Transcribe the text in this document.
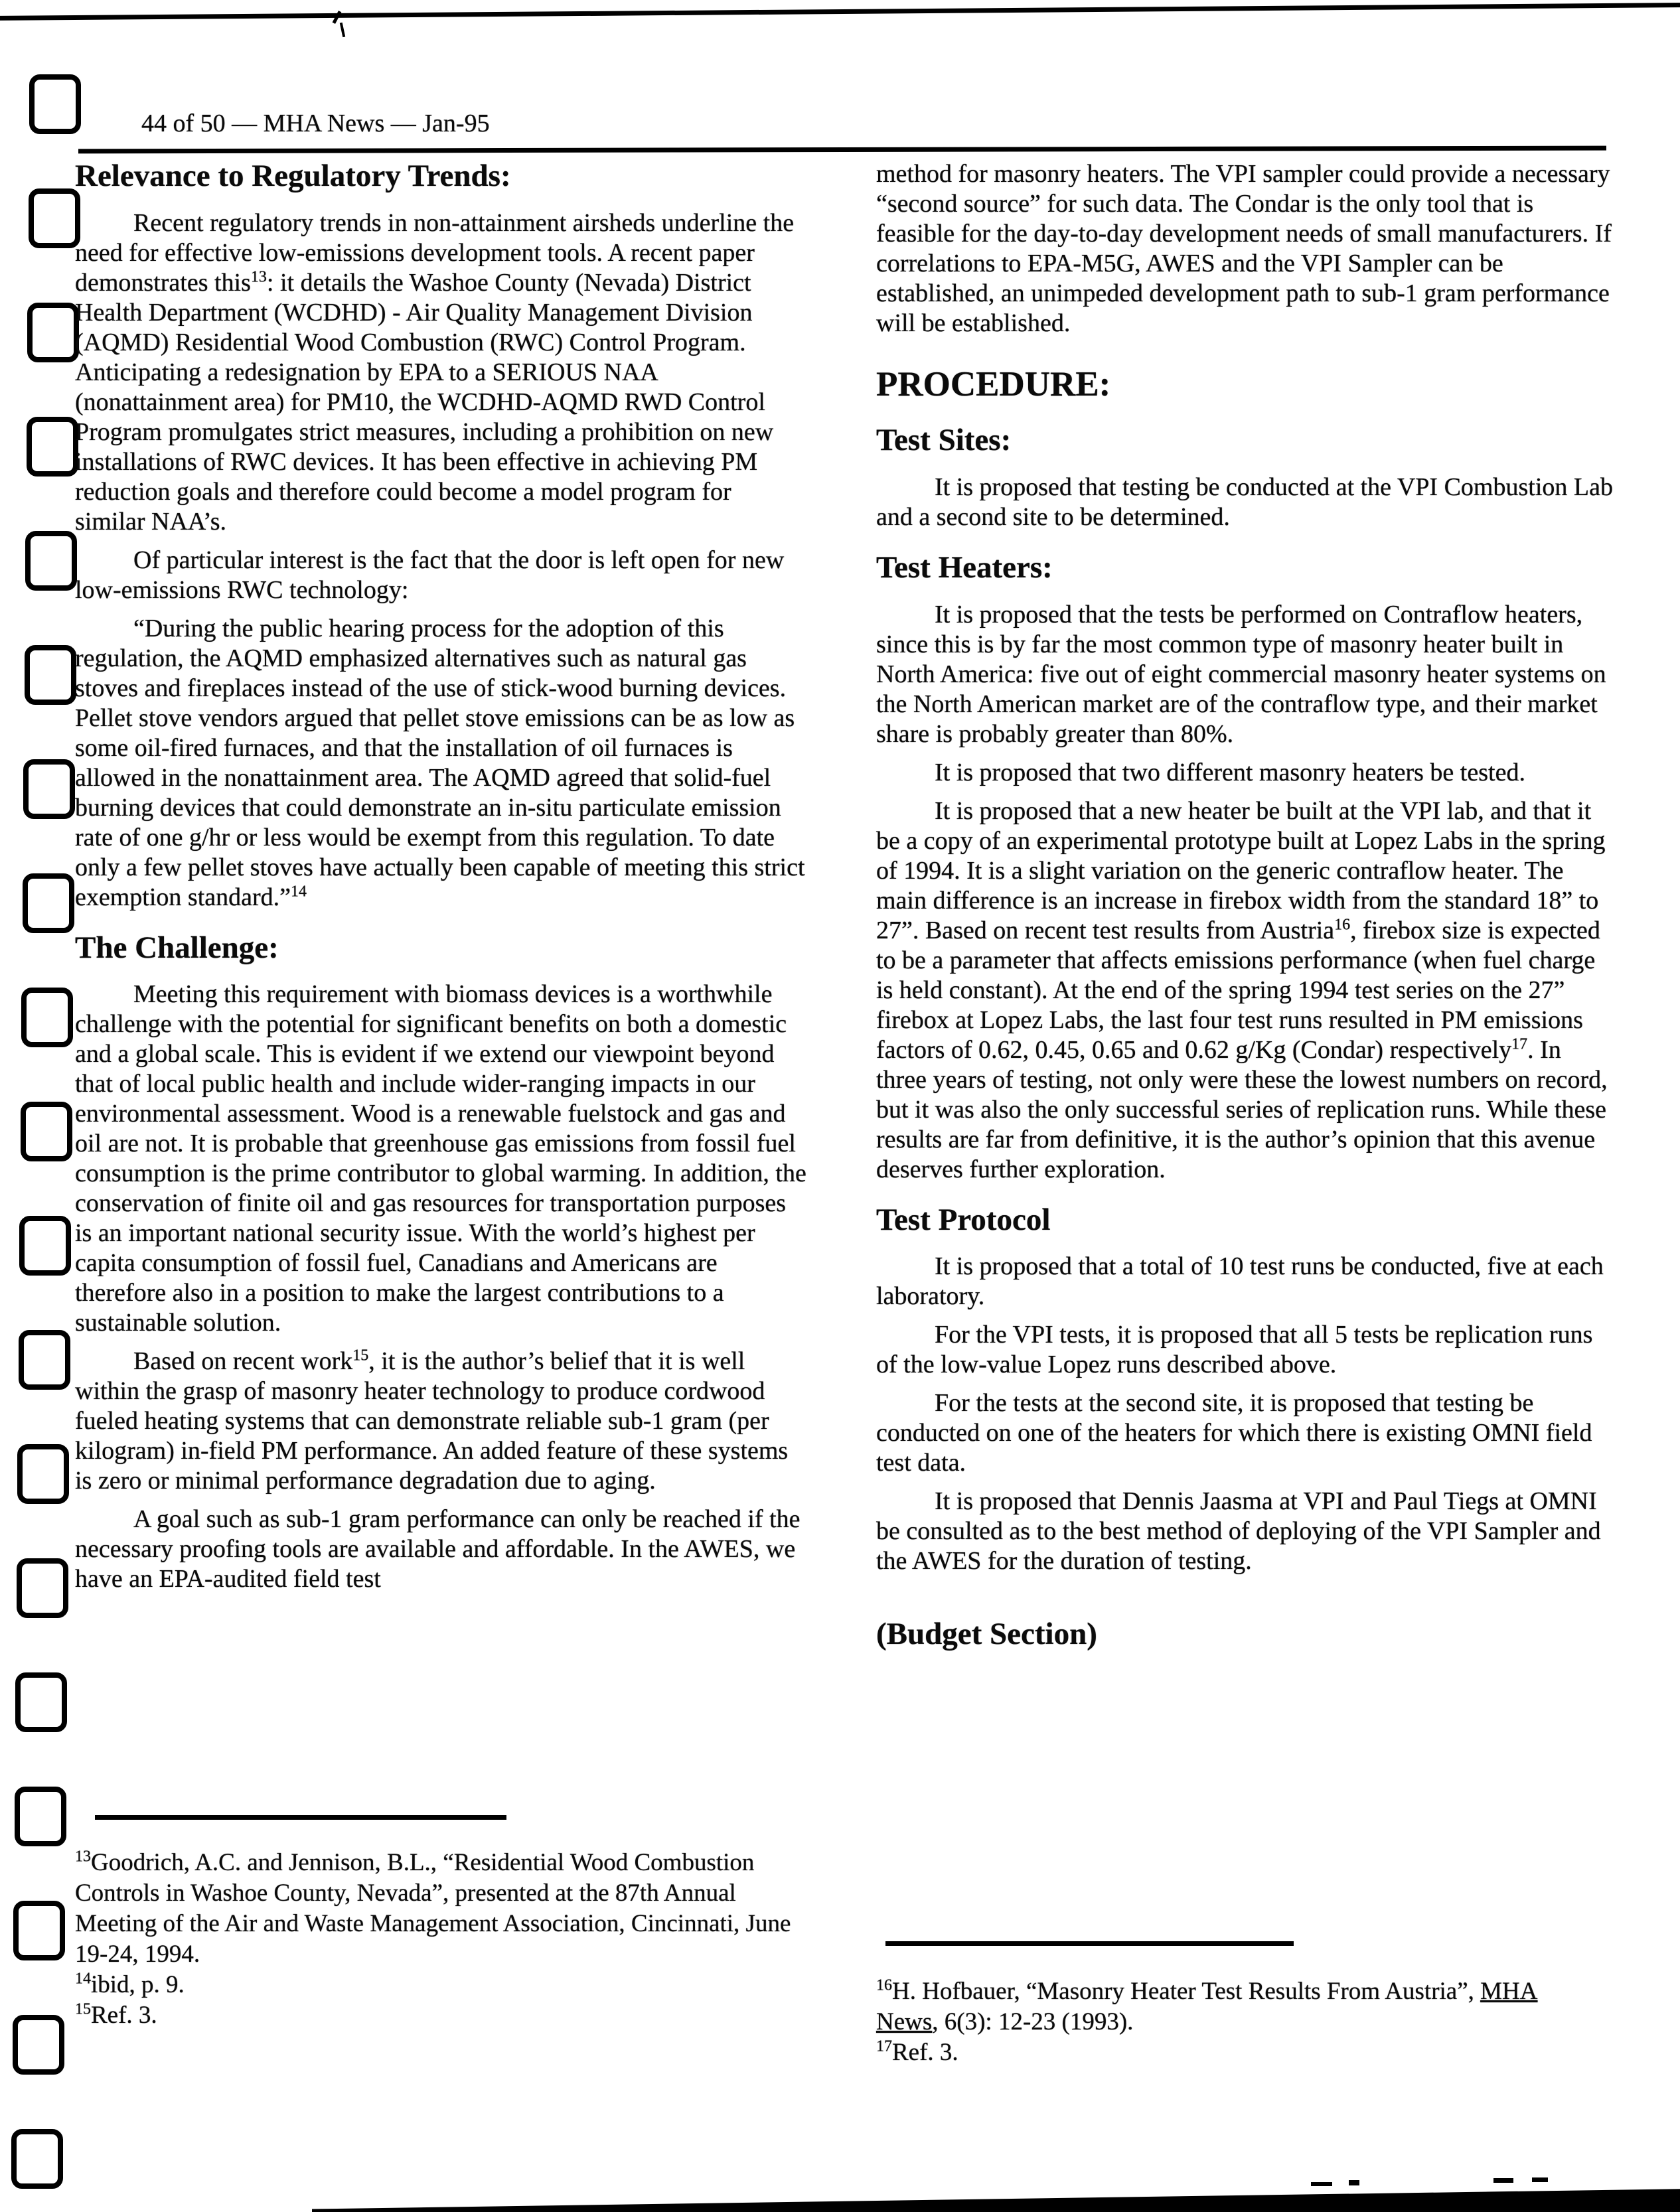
44 of 50 — MHA News — Jan-95
Relevance to Regulatory Trends:

Recent regulatory trends in non-attainment airsheds underline the need for effective low-emissions development tools. A recent paper demonstrates this$^{13}$: it details the Washoe County (Nevada) District Health Department (WCDHD) - Air Quality Management Division (AQMD) Residential Wood Combustion (RWC) Control Program. Anticipating a redesignation by EPA to a SERIOUS NAA (nonattainment area) for PM10, the WCDHD-AQMD RWD Control Program promulgates strict measures, including a prohibition on new installations of RWC devices. It has been effective in achieving PM reduction goals and therefore could become a model program for similar NAA’s.

Of particular interest is the fact that the door is left open for new low-emissions RWC technology:

“During the public hearing process for the adoption of this regulation, the AQMD emphasized alternatives such as natural gas stoves and fireplaces instead of the use of stick-wood burning devices. Pellet stove vendors argued that pellet stove emissions can be as low as some oil-fired furnaces, and that the installation of oil furnaces is allowed in the nonattainment area. The AQMD agreed that solid-fuel burning devices that could demonstrate an in-situ particulate emission rate of one g/hr or less would be exempt from this regulation. To date only a few pellet stoves have actually been capable of meeting this strict exemption standard.”$^{14}$

The Challenge:

Meeting this requirement with biomass devices is a worthwhile challenge with the potential for significant benefits on both a domestic and a global scale. This is evident if we extend our viewpoint beyond that of local public health and include wider-ranging impacts in our environmental assessment. Wood is a renewable fuelstock and gas and oil are not. It is probable that greenhouse gas emissions from fossil fuel consumption is the prime contributor to global warming. In addition, the conservation of finite oil and gas resources for transportation purposes is an important national security issue. With the world’s highest per capita consumption of fossil fuel, Canadians and Americans are therefore also in a position to make the largest contributions to a sustainable solution.

Based on recent work$^{15}$, it is the author’s belief that it is well within the grasp of masonry heater technology to produce cordwood fueled heating systems that can demonstrate reliable sub-1 gram (per kilogram) in-field PM performance. An added feature of these systems is zero or minimal performance degradation due to aging.

A goal such as sub-1 gram performance can only be reached if the necessary proofing tools are available and affordable. In the AWES, we have an EPA-audited field test

$^{13}$Goodrich, A.C. and Jennison, B.L., “Residential Wood Combustion Controls in Washoe County, Nevada”, presented at the 87th Annual Meeting of the Air and Waste Management Association, Cincinnati, June 19-24, 1994.

$^{14}$ibid, p. 9.

$^{15}$Ref. 3.

method for masonry heaters. The VPI sampler could provide a necessary “second source” for such data. The Condar is the only tool that is feasible for the day-to-day development needs of small manufacturers. If correlations to EPA-M5G, AWES and the VPI Sampler can be established, an unimpeded development path to sub-1 gram performance will be established.

PROCEDURE:
Test Sites:

It is proposed that testing be conducted at the VPI Combustion Lab and a second site to be determined.

Test Heaters:

It is proposed that the tests be performed on Contraflow heaters, since this is by far the most common type of masonry heater built in North America: five out of eight commercial masonry heater systems on the North American market are of the contraflow type, and their market share is probably greater than 80%.

It is proposed that two different masonry heaters be tested.

It is proposed that a new heater be built at the VPI lab, and that it be a copy of an experimental prototype built at Lopez Labs in the spring of 1994. It is a slight variation on the generic contraflow heater. The main difference is an increase in firebox width from the standard 18” to 27”. Based on recent test results from Austria$^{16}$, firebox size is expected to be a parameter that affects emissions performance (when fuel charge is held constant). At the end of the spring 1994 test series on the 27” firebox at Lopez Labs, the last four test runs resulted in PM emissions factors of 0.62, 0.45, 0.65 and 0.62 g/Kg (Condar) respectively$^{17}$. In three years of testing, not only were these the lowest numbers on record, but it was also the only successful series of replication runs. While these results are far from definitive, it is the author’s opinion that this avenue deserves further exploration.

Test Protocol

It is proposed that a total of 10 test runs be conducted, five at each laboratory.

For the VPI tests, it is proposed that all 5 tests be replication runs of the low-value Lopez runs described above.

For the tests at the second site, it is proposed that testing be conducted on one of the heaters for which there is existing OMNI field test data.

It is proposed that Dennis Jaasma at VPI and Paul Tiegs at OMNI be consulted as to the best method of deploying of the VPI Sampler and the AWES for the duration of testing.

(Budget Section)

$^{16}$H. Hofbauer, “Masonry Heater Test Results From Austria”, MHA News, 6(3): 12-23 (1993).

$^{17}$Ref. 3.
